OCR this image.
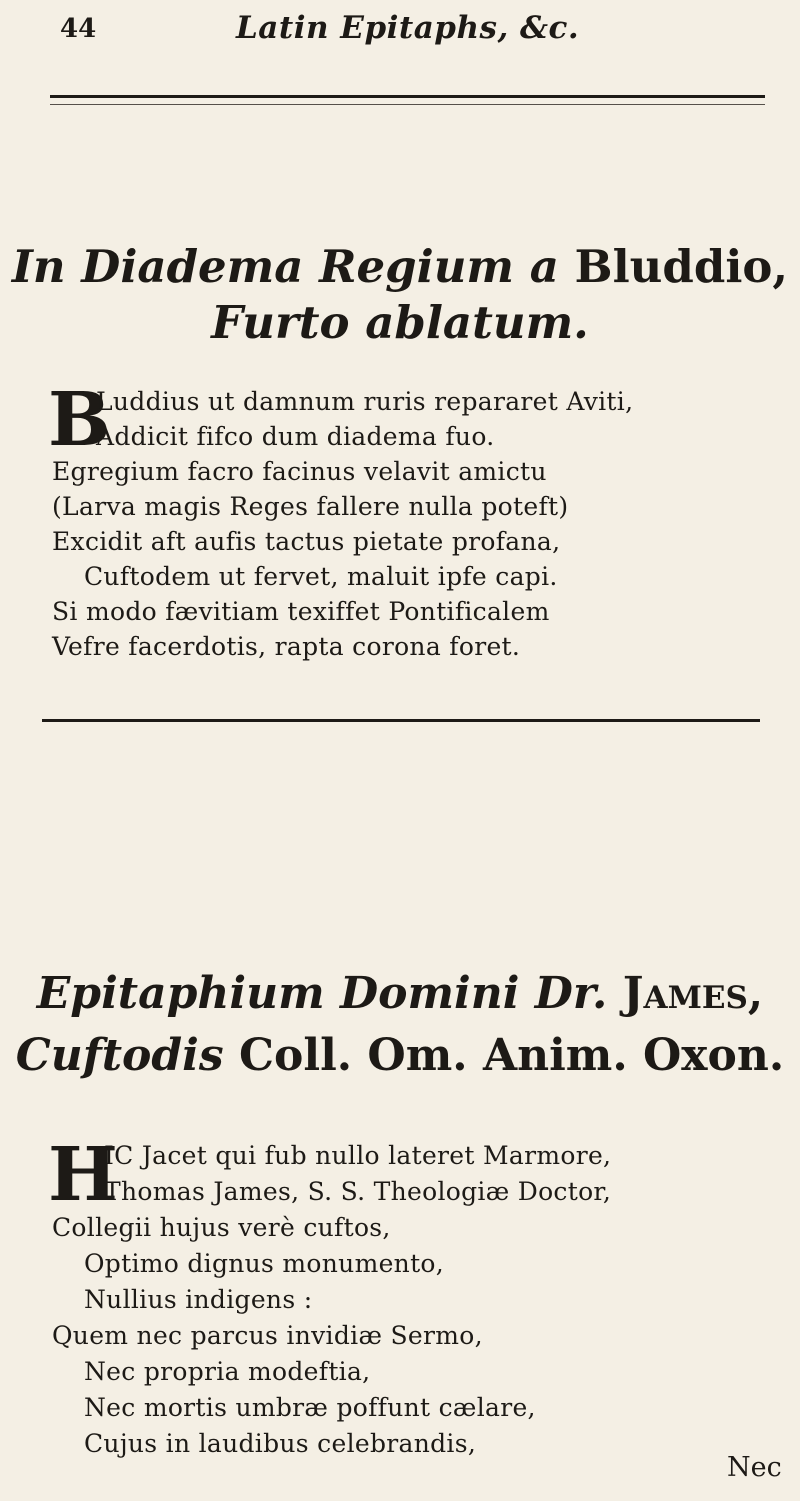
44	Latin Epitaphs, &c.
In Diadema Regium a Bluddio,
Furto ablatum.
B
Luddius ut damnum ruris repararet Aviti,
Addicit fifco dum diadema fuo.
Egregium facro facinus velavit amictu
(Larva magis Reges fallere nulla poteft)
Excidit aft aufis tactus pietate profana,
Cuftodem ut fervet, maluit ipfe capi.
Si modo fævitiam texiffet Pontificalem
Vefre facerdotis, rapta corona foret.
Epitaphium Domini Dr. James,
Cuftodis Coll. Om. Anim. Oxon.
H
IC Jacet qui fub nullo lateret Marmore,
Thomas James, S. S. Theologiæ Doctor,
Collegii hujus verè cuftos,
Optimo dignus monumento,
Nullius indigens :
Quem nec parcus invidiæ Sermo,
Nec propria modeftia,
Nec mortis umbræ poffunt cælare,
Cujus in laudibus celebrandis,
Nec
